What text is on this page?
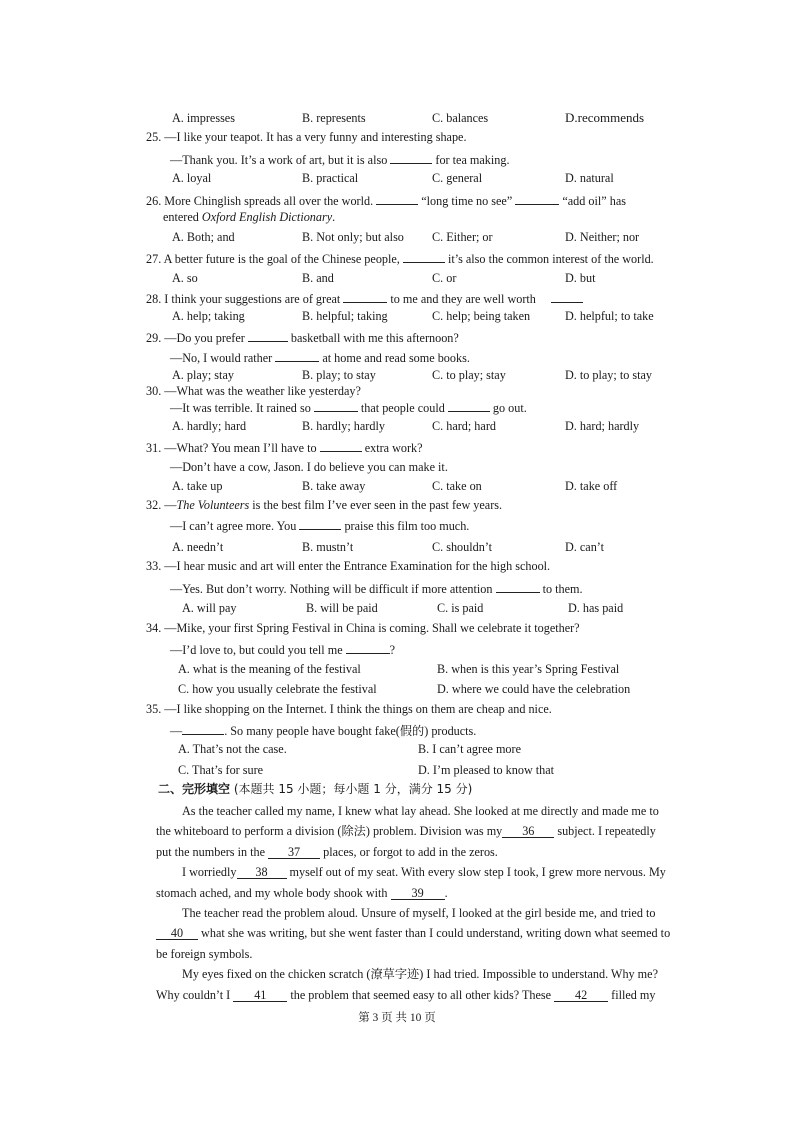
A. impresses	B. represents	C. balances	D.recommends
25. —I like your teapot. It has a very funny and interesting shape.
—Thank you. It’s a work of art, but it is also	for tea making.
A. loyal	B. practical	C. general	D. natural
26. More Chinglish spreads all over the world.	“long time no see”	“add oil” has
entered Oxford English Dictionary.
A. Both; and	B. Not only; but also C. Either; or	D. Neither; nor
27. A better future is the goal of the Chinese people,	it’s also the common interest of the world.
A. so	B. and	C. or	D. but
28. I think your suggestions are of great	to me and they are well worth
A. help; taking	B. helpful; taking	C. help; being taken	D. helpful; to take
29. —Do you prefer	basketball with me this afternoon?
—No, I would rather	at home and read some books.
A. play; stay	B. play; to stay	C. to play; stay	D. to play; to stay
30. —What was the weather like yesterday?
—It was terrible. It rained so	that people could	go out.
A. hardly; hard	B. hardly; hardly	C. hard; hard	D. hard; hardly
31. —What? You mean I’ll have to	extra work?
—Don’t have a cow, Jason. I do believe you can make it.
A. take up	B. take away	C. take on	D. take off
32. —The Volunteers is the best film I’ve ever seen in the past few years.
—I can’t agree more. You	praise this film too much.
A. needn’t	B. mustn’t	C. shouldn’t	D. can’t
33. —I hear music and art will enter the Entrance Examination for the high school.
—Yes. But don’t worry. Nothing will be difficult if more attention	to them.
A. will pay	B. will be paid	C. is paid	D. has paid
34. —Mike, your first Spring Festival in China is coming. Shall we celebrate it together?
—I’d love to, but could you tell me	?
A. what is the meaning of the festival	B. when is this year’s Spring Festival
C. how you usually celebrate the festival	D. where we could have the celebration
35. —I like shopping on the Internet. I think the things on them are cheap and nice.
—	. So many people have bought fake(假的) products.
A. That’s not the case.	B. I can’t agree more
C. That’s for sure	D. I’m pleased to know that
二、完形填空 (本题共 15 小题；每小题 1 分，满分 15 分)
As the teacher called my name, I knew what lay ahead. She looked at me directly and made me to
the whiteboard to perform a division (除法) problem. Division was my 36 subject. I repeatedly
put the numbers in the 37 places, or forgot to add in the zeros.
I worriedly 38 myself out of my seat. With every slow step I took, I grew more nervous. My
stomach ached, and my whole body shook with 39 .
The teacher read the problem aloud. Unsure of myself, I looked at the girl beside me, and tried to
40 what she was writing, but she went faster than I could understand, writing down what seemed to
be foreign symbols.
My eyes fixed on the chicken scratch (潦草字迹) I had tried. Impossible to understand. Why me?
Why couldn’t I 41 the problem that seemed easy to all other kids? These 42 filled my
第 3 页 共 10 页
